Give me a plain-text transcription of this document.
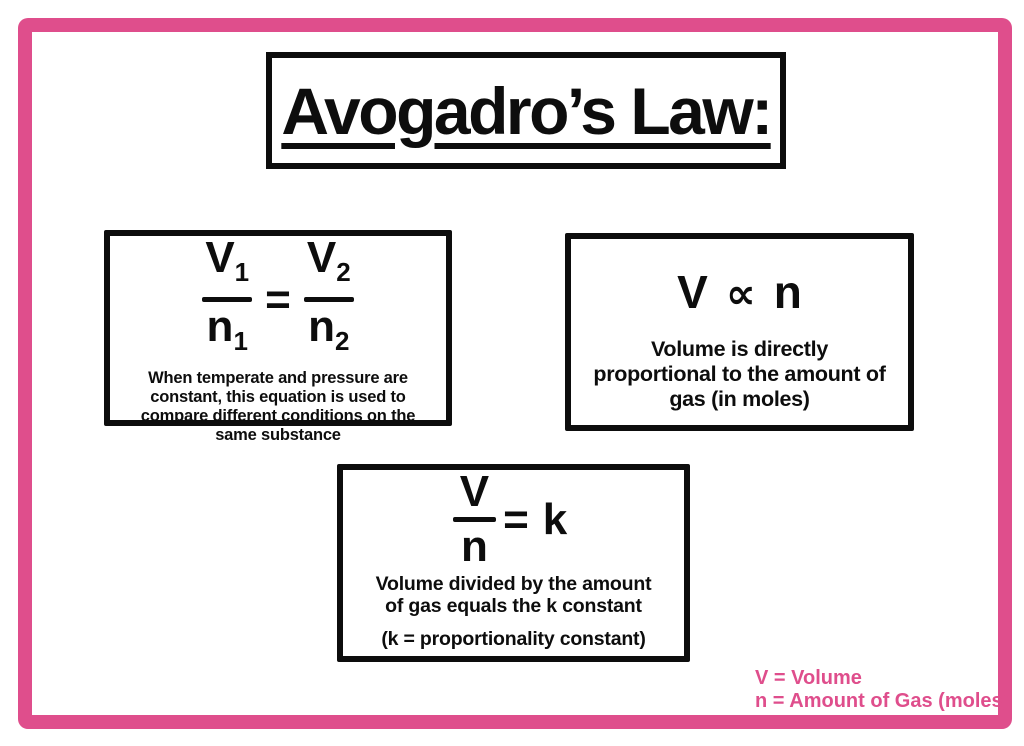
Avogadro’s Law:
$V_1$
$n_1$
=
$V_2$
$n_2$
When temperate and pressure are
constant, this equation is used to
compare different conditions on the
same substance
V ∝ n
Volume is directly
proportional to the amount of
gas (in moles)
V
n
= k
Volume divided by the amount
of gas equals the k constant
(k = proportionality constant)
V = Volume
n = Amount of Gas (moles)
